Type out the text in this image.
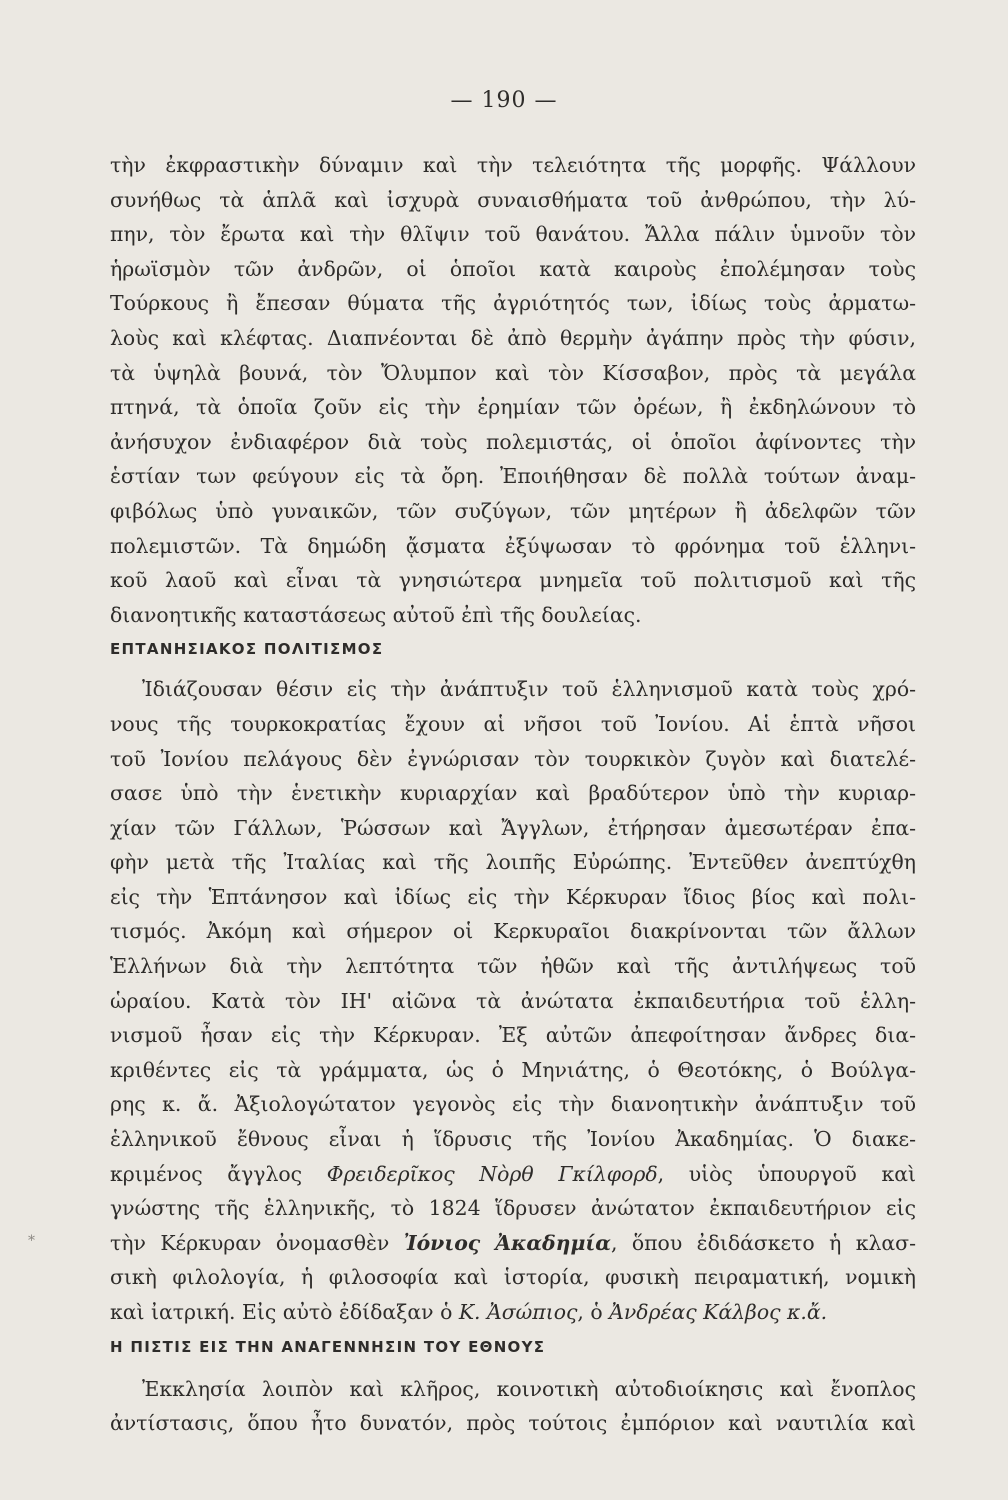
— 190 —
*

τὴν ἐκφραστικὴν δύναμιν καὶ τὴν τελειότητα τῆς μορφῆς. Ψάλλουν
συνήθως τὰ ἁπλᾶ καὶ ἰσχυρὰ συναισθήματα τοῦ ἀνθρώπου, τὴν λύ-
πην, τὸν ἔρωτα καὶ τὴν θλῖψιν τοῦ θανάτου. Ἄλλα πάλιν ὑμνοῦν τὸν
ἡρωϊσμὸν τῶν ἀνδρῶν, οἱ ὁποῖοι κατὰ καιροὺς ἐπολέμησαν τοὺς
Τούρκους ἢ ἔπεσαν θύματα τῆς ἀγριότητός των, ἰδίως τοὺς ἀρματω-
λοὺς καὶ κλέφτας. Διαπνέονται δὲ ἀπὸ θερμὴν ἀγάπην πρὸς τὴν φύσιν,
τὰ ὑψηλὰ βουνά, τὸν Ὄλυμπον καὶ τὸν Κίσσαβον, πρὸς τὰ μεγάλα
πτηνά, τὰ ὁποῖα ζοῦν εἰς τὴν ἐρημίαν τῶν ὀρέων, ἢ ἐκδηλώνουν τὸ
ἀνήσυχον ἐνδιαφέρον διὰ τοὺς πολεμιστάς, οἱ ὁποῖοι ἀφίνοντες τὴν
ἑστίαν των φεύγουν εἰς τὰ ὄρη. Ἐποιήθησαν δὲ πολλὰ τούτων ἀναμ-
φιβόλως ὑπὸ γυναικῶν, τῶν συζύγων, τῶν μητέρων ἢ ἀδελφῶν τῶν
πολεμιστῶν. Τὰ δημώδη ᾄσματα ἐξύψωσαν τὸ φρόνημα τοῦ ἑλληνι-
κοῦ λαοῦ καὶ εἶναι τὰ γνησιώτερα μνημεῖα τοῦ πολιτισμοῦ καὶ τῆς
διανοητικῆς καταστάσεως αὐτοῦ ἐπὶ τῆς δουλείας.

ΕΠΤΑΝΗΣΙΑΚΟΣ ΠΟΛΙΤΙΣΜΟΣ

Ἰδιάζουσαν θέσιν εἰς τὴν ἀνάπτυξιν τοῦ ἑλληνισμοῦ κατὰ τοὺς χρό-
νους τῆς τουρκοκρατίας ἔχουν αἱ νῆσοι τοῦ Ἰονίου. Αἱ ἑπτὰ νῆσοι
τοῦ Ἰονίου πελάγους δὲν ἐγνώρισαν τὸν τουρκικὸν ζυγὸν καὶ διατελέ-
σασε ὑπὸ τὴν ἑνετικὴν κυριαρχίαν καὶ βραδύτερον ὑπὸ τὴν κυριαρ-
χίαν τῶν Γάλλων, Ῥώσσων καὶ Ἄγγλων, ἐτήρησαν ἀμεσωτέραν ἐπα-
φὴν μετὰ τῆς Ἰταλίας καὶ τῆς λοιπῆς Εὐρώπης. Ἐντεῦθεν ἀνεπτύχθη
εἰς τὴν Ἑπτάνησον καὶ ἰδίως εἰς τὴν Κέρκυραν ἴδιος βίος καὶ πολι-
τισμός. Ἀκόμη καὶ σήμερον οἱ Κερκυραῖοι διακρίνονται τῶν ἄλλων
Ἑλλήνων διὰ τὴν λεπτότητα τῶν ἠθῶν καὶ τῆς ἀντιλήψεως τοῦ
ὡραίου. Κατὰ τὸν ΙΗ' αἰῶνα τὰ ἀνώτατα ἐκπαιδευτήρια τοῦ ἑλλη-
νισμοῦ ἦσαν εἰς τὴν Κέρκυραν. Ἐξ αὐτῶν ἀπεφοίτησαν ἄνδρες δια-
κριθέντες εἰς τὰ γράμματα, ὡς ὁ Μηνιάτης, ὁ Θεοτόκης, ὁ Βούλγα-
ρης κ. ἄ. Ἀξιολογώτατον γεγονὸς εἰς τὴν διανοητικὴν ἀνάπτυξιν τοῦ
ἑλληνικοῦ ἔθνους εἶναι ἡ ἵδρυσις τῆς Ἰονίου Ἀκαδημίας. Ὁ διακε-
κριμένος ἄγγλος Φρειδερῖκος Νὸρθ Γκίλφορδ, υἱὸς ὑπουργοῦ καὶ
γνώστης τῆς ἑλληνικῆς, τὸ 1824 ἵδρυσεν ἀνώτατον ἐκπαιδευτήριον εἰς
τὴν Κέρκυραν ὀνομασθὲν Ἰόνιος Ἀκαδημία, ὅπου ἐδιδάσκετο ἡ κλασ-
σικὴ φιλολογία, ἡ φιλοσοφία καὶ ἱστορία, φυσικὴ πειραματική, νομικὴ
καὶ ἰατρική. Εἰς αὐτὸ ἐδίδαξαν ὁ Κ. Ἀσώπιος, ὁ Ἀνδρέας Κάλβος κ.ἄ.

Η ΠΙΣΤΙΣ ΕΙΣ ΤΗΝ ΑΝΑΓΕΝΝΗΣΙΝ ΤΟΥ ΕΘΝΟΥΣ

Ἐκκλησία λοιπὸν καὶ κλῆρος, κοινοτικὴ αὐτοδιοίκησις καὶ ἔνοπλος
ἀντίστασις, ὅπου ἦτο δυνατόν, πρὸς τούτοις ἐμπόριον καὶ ναυτιλία καὶ
